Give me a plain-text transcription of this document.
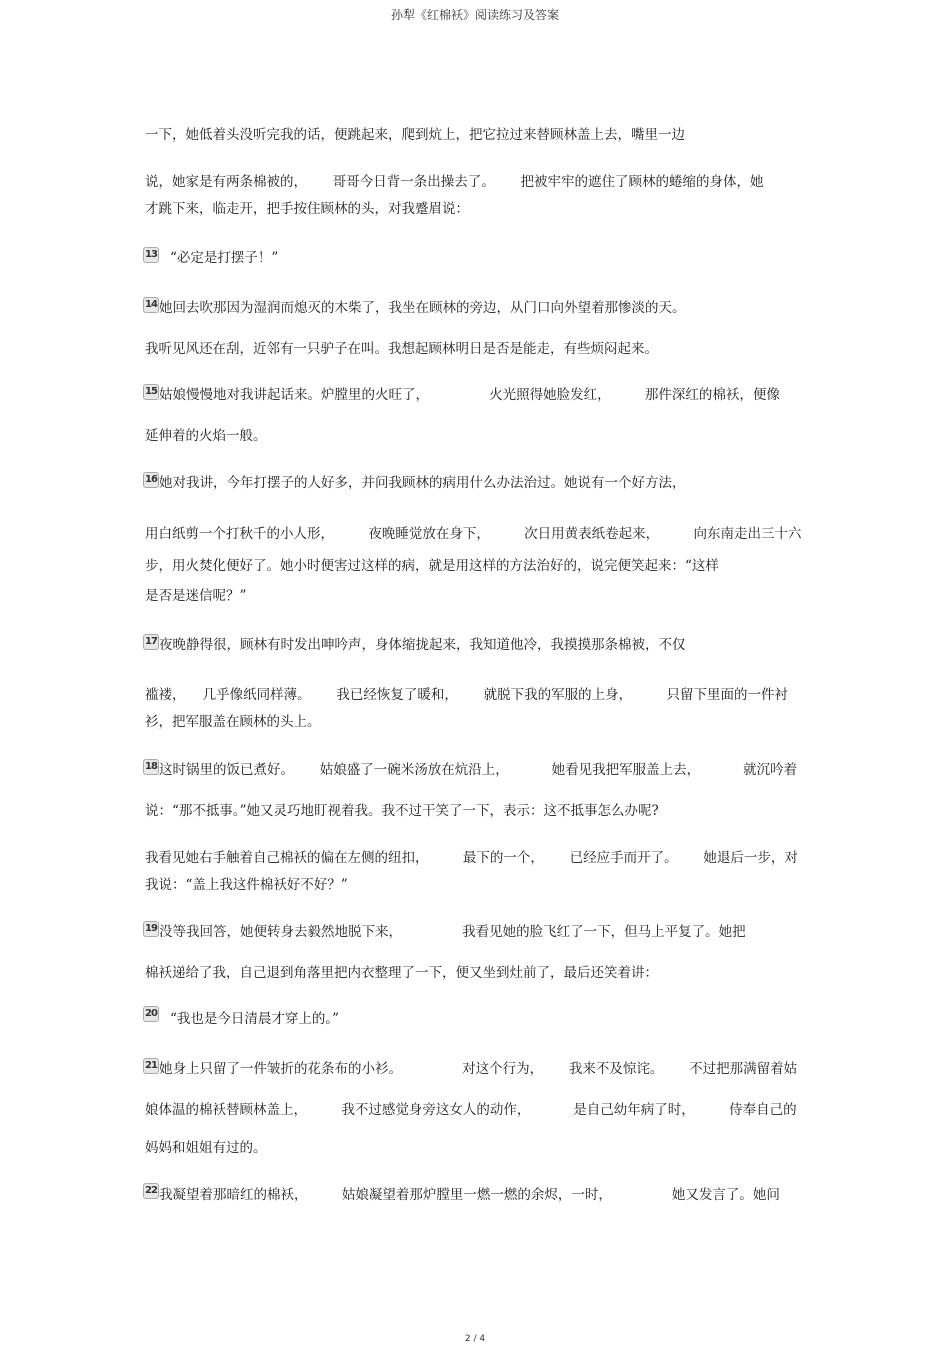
孙犁《红棉袄》阅读练习及答案
一下，她低着头没听完我的话，便跳起来，爬到炕上，把它拉过来替顾林盖上去，嘴里一边
说，她家是有两条棉被的，      哥哥今日背一条出操去了。      把被牢牢的遮住了顾林的蜷缩的身体，她
才跳下来，临走开，把手按住顾林的头，对我蹙眉说：
13 “必定是打摆子！”
14 她回去吹那因为湿润而熄灭的木柴了，我坐在顾林的旁边，从门口向外望着那惨淡的天。
我听见风还在刮，近邻有一只驴子在叫。我想起顾林明日是否是能走，有些烦闷起来。
15 姑娘慢慢地对我讲起话来。炉膛里的火旺了，              火光照得她脸发红，        那件深红的棉袄，便像
延伸着的火焰一般。
16 她对我讲，今年打摆子的人好多，并问我顾林的病用什么办法治过。她说有一个好方法，
用白纸剪一个打秋千的小人形，        夜晚睡觉放在身下，        次日用黄表纸卷起来，        向东南走出三十六
步，用火焚化便好了。她小时便害过这样的病，就是用这样的方法治好的，说完便笑起来：“这样
是否是迷信呢？”
17 夜晚静得很，顾林有时发出呻吟声，身体缩拢起来，我知道他冷，我摸摸那条棉被，不仅
褴褛，    几乎像纸同样薄。      我已经恢复了暖和，      就脱下我的军服的上身，        只留下里面的一件衬
衫，把军服盖在顾林的头上。
18 这时锅里的饭已煮好。      姑娘盛了一碗米汤放在炕沿上，          她看见我把军服盖上去，          就沉吟着
说：“那不抵事。”她又灵巧地盯视着我。我不过干笑了一下，表示：这不抵事怎么办呢?
我看见她右手触着自己棉袄的偏在左侧的纽扣，        最下的一个，      已经应手而开了。      她退后一步，对
我说：“盖上我这件棉袄好不好？”
19 没等我回答，她便转身去毅然地脱下来，              我看见她的脸飞红了一下，但马上平复了。她把
棉袄递给了我，自己退到角落里把内衣整理了一下，便又坐到灶前了，最后还笑着讲：
20 “我也是今日清晨才穿上的。”
21 她身上只留了一件皱折的花条布的小衫。              对这个行为，      我来不及惊诧。      不过把那满留着姑
娘体温的棉袄替顾林盖上，        我不过感觉身旁这女人的动作，          是自己幼年病了时，        侍奉自己的
妈妈和姐姐有过的。
22 我凝望着那暗红的棉袄，        姑娘凝望着那炉膛里一燃一燃的余烬，一时，              她又发言了。她问
2 / 4
